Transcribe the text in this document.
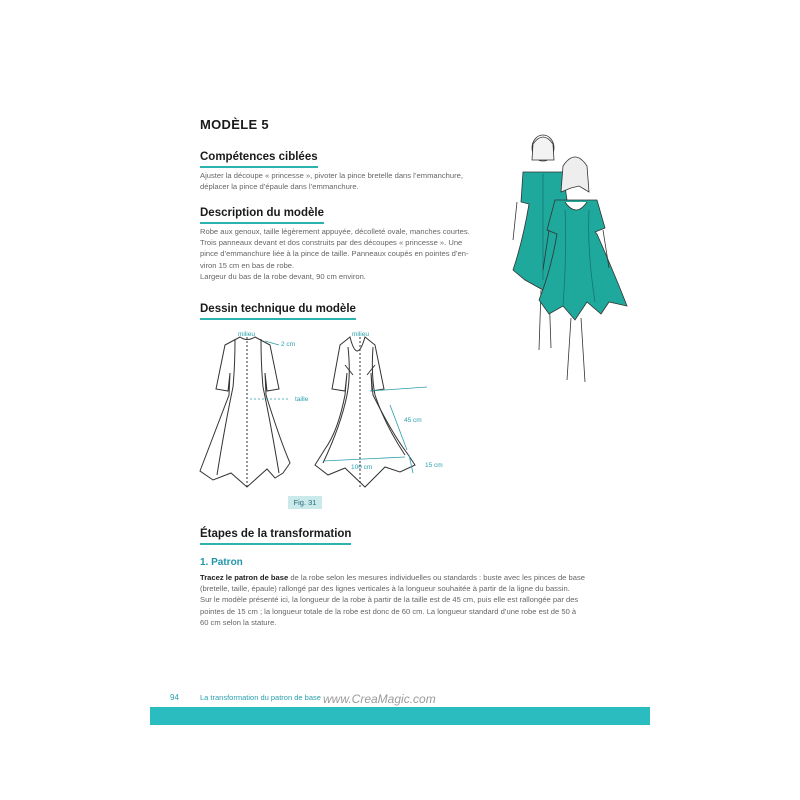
MODÈLE 5
Compétences ciblées

Ajuster la découpe « princesse », pivoter la pince bretelle dans l’emmanchure,

déplacer la pince d’épaule dans l’emmanchure.

Description du modèle

Robe aux genoux, taille légèrement appuyée, décolleté ovale, manches courtes.

Trois panneaux devant et dos construits par des découpes « princesse ». Une

pince d’emmanchure liée à la pince de taille. Panneaux coupés en pointes d’en-

viron 15 cm en bas de robe.

Largeur du bas de la robe devant, 90 cm environ.

Dessin technique du modèle
milieu	milieu
2 cm
taille
45 cm
100 cm	15 cm
Fig. 31
Étapes de la transformation
1. Patron

Tracez le patron de base de la robe selon les mesures individuelles ou standards : buste avec les pinces de base

(bretelle, taille, épaule) rallongé par des lignes verticales à la longueur souhaitée à partir de la ligne du bassin.

Sur le modèle présenté ici, la longueur de la robe à partir de la taille est de 45 cm, puis elle est rallongée par des

pointes de 15 cm ; la longueur totale de la robe est donc de 60 cm. La longueur standard d’une robe est de 50 à

60 cm selon la stature.

94	La transformation du patron de base www.CreaMagic.com
